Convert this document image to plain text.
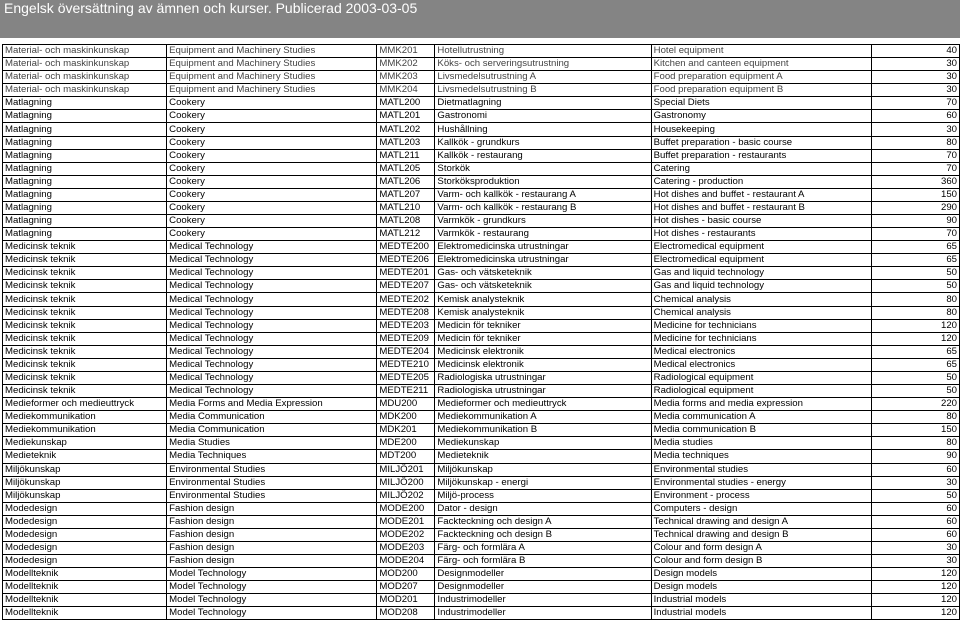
Engelsk översättning av ämnen och kurser. Publicerad 2003-03-05
Material- och maskinkunskap	Equipment and Machinery Studies	MMK201	Hotellutrustning	Hotel equipment	40
Material- och maskinkunskap	Equipment and Machinery Studies	MMK202	Köks- och serveringsutrustning	Kitchen and canteen equipment	30
Material- och maskinkunskap	Equipment and Machinery Studies	MMK203	Livsmedelsutrustning A	Food preparation equipment A	30
Material- och maskinkunskap	Equipment and Machinery Studies	MMK204	Livsmedelsutrustning B	Food preparation equipment B	30
Matlagning	Cookery	MATL200	Dietmatlagning	Special Diets	70
Matlagning	Cookery	MATL201	Gastronomi	Gastronomy	60
Matlagning	Cookery	MATL202	Hushållning	Housekeeping	30
Matlagning	Cookery	MATL203	Kallkök - grundkurs	Buffet preparation - basic course	80
Matlagning	Cookery	MATL211	Kallkök - restaurang	Buffet preparation - restaurants	70
Matlagning	Cookery	MATL205	Storkök	Catering	70
Matlagning	Cookery	MATL206	Storköksproduktion	Catering - production	360
Matlagning	Cookery	MATL207	Varm- och kallkök - restaurang A	Hot dishes and buffet - restaurant A	150
Matlagning	Cookery	MATL210	Varm- och kallkök - restaurang B	Hot dishes and buffet - restaurant B	290
Matlagning	Cookery	MATL208	Varmkök - grundkurs	Hot dishes - basic course	90
Matlagning	Cookery	MATL212	Varmkök - restaurang	Hot dishes - restaurants	70
Medicinsk teknik	Medical Technology	MEDTE200	Elektromedicinska utrustningar	Electromedical equipment	65
Medicinsk teknik	Medical Technology	MEDTE206	Elektromedicinska utrustningar	Electromedical equipment	65
Medicinsk teknik	Medical Technology	MEDTE201	Gas- och vätsketeknik	Gas and liquid technology	50
Medicinsk teknik	Medical Technology	MEDTE207	Gas- och vätsketeknik	Gas and liquid technology	50
Medicinsk teknik	Medical Technology	MEDTE202	Kemisk analysteknik	Chemical analysis	80
Medicinsk teknik	Medical Technology	MEDTE208	Kemisk analysteknik	Chemical analysis	80
Medicinsk teknik	Medical Technology	MEDTE203	Medicin för tekniker	Medicine for technicians	120
Medicinsk teknik	Medical Technology	MEDTE209	Medicin för tekniker	Medicine for technicians	120
Medicinsk teknik	Medical Technology	MEDTE204	Medicinsk elektronik	Medical electronics	65
Medicinsk teknik	Medical Technology	MEDTE210	Medicinsk elektronik	Medical electronics	65
Medicinsk teknik	Medical Technology	MEDTE205	Radiologiska utrustningar	Radiological equipment	50
Medicinsk teknik	Medical Technology	MEDTE211	Radiologiska utrustningar	Radiological equipment	50
Medieformer och medieuttryck	Media Forms and Media Expression	MDU200	Medieformer och medieuttryck	Media forms and media expression	220
Mediekommunikation	Media Communication	MDK200	Mediekommunikation A	Media communication A	80
Mediekommunikation	Media Communication	MDK201	Mediekommunikation B	Media communication B	150
Mediekunskap	Media Studies	MDE200	Mediekunskap	Media studies	80
Medieteknik	Media Techniques	MDT200	Medieteknik	Media techniques	90
Miljökunskap	Environmental Studies	MILJÖ201	Miljökunskap	Environmental studies	60
Miljökunskap	Environmental Studies	MILJÖ200	Miljökunskap - energi	Environmental studies - energy	30
Miljökunskap	Environmental Studies	MILJÖ202	Miljö-process	Environment - process	50
Modedesign	Fashion design	MODE200	Dator - design	Computers - design	60
Modedesign	Fashion design	MODE201	Fackteckning och design A	Technical drawing and design A	60
Modedesign	Fashion design	MODE202	Fackteckning och design B	Technical drawing and design B	60
Modedesign	Fashion design	MODE203	Färg- och formlära A	Colour and form design A	30
Modedesign	Fashion design	MODE204	Färg- och formlära B	Colour and form design B	30
Modellteknik	Model Technology	MOD200	Designmodeller	Design models	120
Modellteknik	Model Technology	MOD207	Designmodeller	Design models	120
Modellteknik	Model Technology	MOD201	Industrimodeller	Industrial models	120
Modellteknik	Model Technology	MOD208	Industrimodeller	Industrial models	120
